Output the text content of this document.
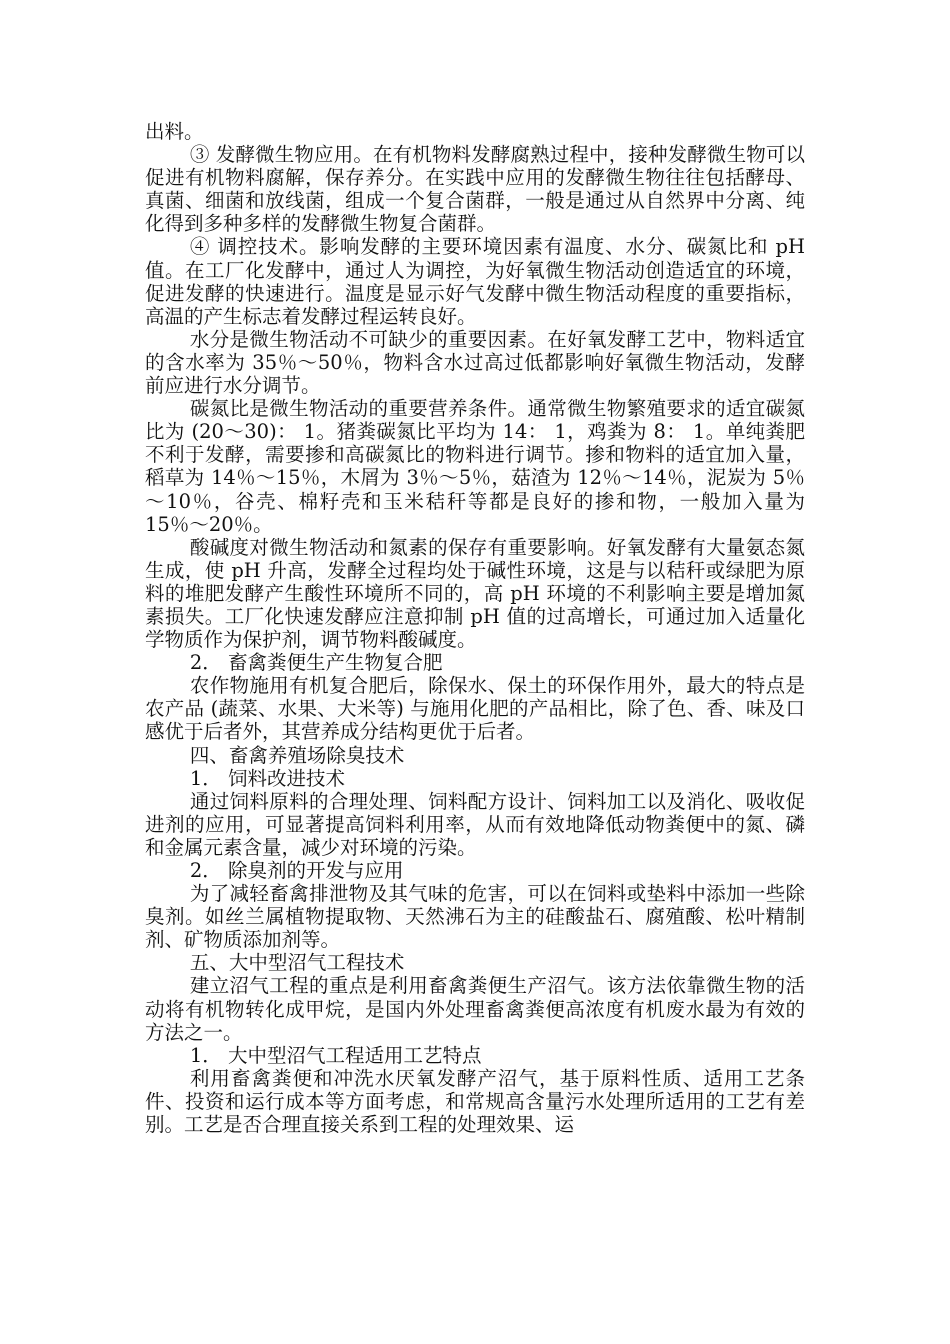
出料。

③ 发酵微生物应用。在有机物料发酵腐熟过程中，接种发酵微生物可以促进有机物料腐解，保存养分。在实践中应用的发酵微生物往往包括酵母、真菌、细菌和放线菌，组成一个复合菌群，一般是通过从自然界中分离、纯化得到多种多样的发酵微生物复合菌群。

④ 调控技术。影响发酵的主要环境因素有温度、水分、碳氮比和 pH 值。在工厂化发酵中，通过人为调控，为好氧微生物活动创造适宜的环境，促进发酵的快速进行。温度是显示好气发酵中微生物活动程度的重要指标，高温的产生标志着发酵过程运转良好。

水分是微生物活动不可缺少的重要因素。在好氧发酵工艺中，物料适宜的含水率为 35％～50％，物料含水过高过低都影响好氧微生物活动，发酵前应进行水分调节。

碳氮比是微生物活动的重要营养条件。通常微生物繁殖要求的适宜碳氮比为 (20～30)： 1。猪粪碳氮比平均为 14： 1，鸡粪为 8： 1。单纯粪肥不利于发酵，需要掺和高碳氮比的物料进行调节。掺和物料的适宜加入量，稻草为 14％～15％，木屑为 3％～5％，菇渣为 12％～14％，泥炭为 5％～10％，谷壳、棉籽壳和玉米秸秆等都是良好的掺和物，一般加入量为 15％～20％。

酸碱度对微生物活动和氮素的保存有重要影响。好氧发酵有大量氨态氮生成，使 pH 升高，发酵全过程均处于碱性环境，这是与以秸秆或绿肥为原料的堆肥发酵产生酸性环境所不同的，高 pH 环境的不利影响主要是增加氮素损失。工厂化快速发酵应注意抑制 pH 值的过高增长，可通过加入适量化学物质作为保护剂，调节物料酸碱度。

2． 畜禽粪便生产生物复合肥

农作物施用有机复合肥后，除保水、保土的环保作用外，最大的特点是农产品 (蔬菜、水果、大米等) 与施用化肥的产品相比，除了色、香、味及口感优于后者外，其营养成分结构更优于后者。

四、畜禽养殖场除臭技术

1． 饲料改进技术

通过饲料原料的合理处理、饲料配方设计、饲料加工以及消化、吸收促进剂的应用，可显著提高饲料利用率，从而有效地降低动物粪便中的氮、磷和金属元素含量，减少对环境的污染。

2． 除臭剂的开发与应用

为了减轻畜禽排泄物及其气味的危害，可以在饲料或垫料中添加一些除臭剂。如丝兰属植物提取物、天然沸石为主的硅酸盐石、腐殖酸、松叶精制剂、矿物质添加剂等。

五、大中型沼气工程技术

建立沼气工程的重点是利用畜禽粪便生产沼气。该方法依靠微生物的活动将有机物转化成甲烷，是国内外处理畜禽粪便高浓度有机废水最为有效的方法之一。

1． 大中型沼气工程适用工艺特点

利用畜禽粪便和冲洗水厌氧发酵产沼气，基于原料性质、适用工艺条件、投资和运行成本等方面考虑，和常规高含量污水处理所适用的工艺有差别。工艺是否合理直接关系到工程的处理效果、运
